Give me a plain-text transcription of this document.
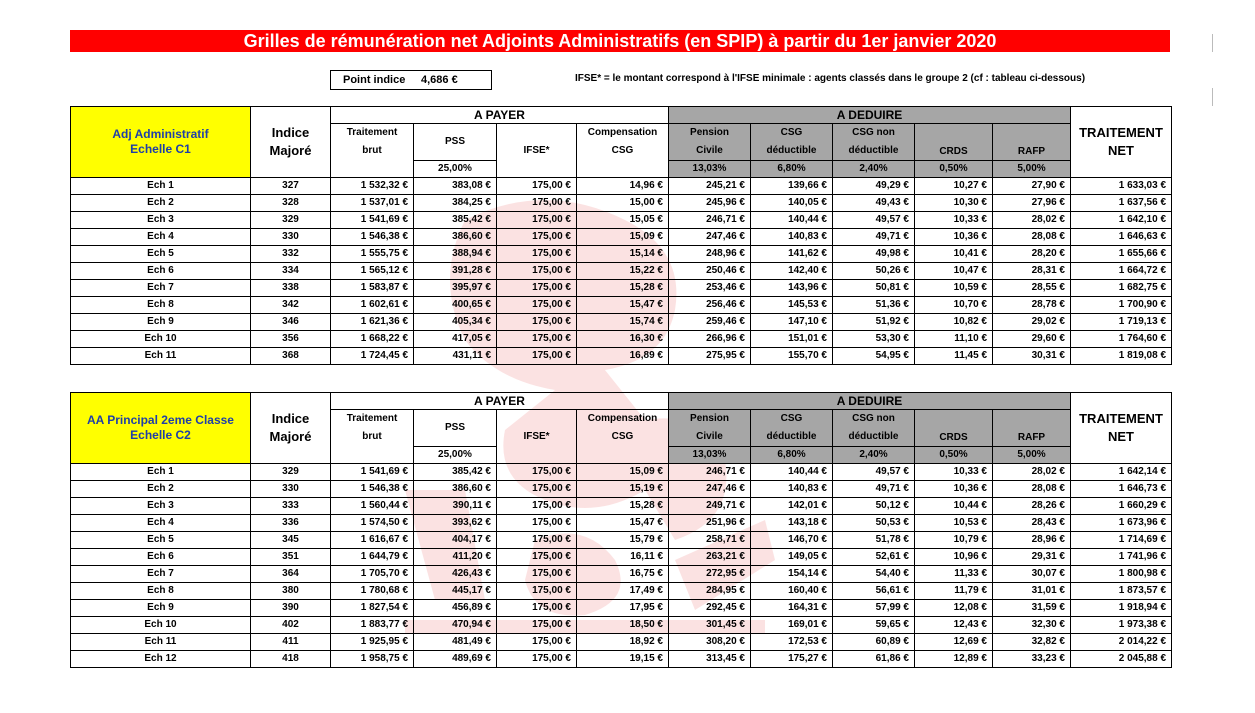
Grilles de rémunération net Adjoints Administratifs (en SPIP) à partir du 1er janvier 2020
Point indice 4,686 €	IFSE* = le montant correspond à l'IFSE minimale : agents classés dans le groupe 2 (cf : tableau ci-dessous)
Adj Administratif
Echelle C1	Indice Majoré	A PAYER				A DEDUIRE					TRAITEMENT NET

		Traitement brut	PSS	IFSE*	Compensation CSG	Pension Civile	CSG déductible	CSG non déductible	CRDS	RAFP	
			25,00%			13,03%	6,80%	2,40%			
									0,50%	5,00%	
Ech 1	327	1 532,32 €	383,08 €	175,00 €	14,96 €	245,21 €	139,66 €	49,29 €	10,27 €	27,90 €	1 633,03 €
Ech 2	328	1 537,01 €	384,25 €	175,00 €	15,00 €	245,96 €	140,05 €	49,43 €	10,30 €	27,96 €	1 637,56 €
Ech 3	329	1 541,69 €	385,42 €	175,00 €	15,05 €	246,71 €	140,44 €	49,57 €	10,33 €	28,02 €	1 642,10 €
Ech 4	330	1 546,38 €	386,60 €	175,00 €	15,09 €	247,46 €	140,83 €	49,71 €	10,36 €	28,08 €	1 646,63 €
Ech 5	332	1 555,75 €	388,94 €	175,00 €	15,14 €	248,96 €	141,62 €	49,98 €	10,41 €	28,20 €	1 655,66 €
Ech 6	334	1 565,12 €	391,28 €	175,00 €	15,22 €	250,46 €	142,40 €	50,26 €	10,47 €	28,31 €	1 664,72 €
Ech 7	338	1 583,87 €	395,97 €	175,00 €	15,28 €	253,46 €	143,96 €	50,81 €	10,59 €	28,55 €	1 682,75 €
Ech 8	342	1 602,61 €	400,65 €	175,00 €	15,47 €	256,46 €	145,53 €	51,36 €	10,70 €	28,78 €	1 700,90 €
Ech 9	346	1 621,36 €	405,34 €	175,00 €	15,74 €	259,46 €	147,10 €	51,92 €	10,82 €	29,02 €	1 719,13 €
Ech 10	356	1 668,22 €	417,05 €	175,00 €	16,30 €	266,96 €	151,01 €	53,30 €	11,10 €	29,60 €	1 764,60 €
Ech 11	368	1 724,45 €	431,11 €	175,00 €	16,89 €	275,95 €	155,70 €	54,95 €	11,45 €	30,31 €	1 819,08 €
AA Principal 2eme Classe
Echelle C2	Indice Majoré	A PAYER				A DEDUIRE					TRAITEMENT NET

		Traitement brut	PSS	IFSE*	Compensation CSG	Pension Civile	CSG déductible	CSG non déductible	CRDS	RAFP	
			25,00%			13,03%	6,80%	2,40%			
									0,50%	5,00%	
Ech 1	329	1 541,69 €	385,42 €	175,00 €	15,09 €	246,71 €	140,44 €	49,57 €	10,33 €	28,02 €	1 642,14 €
Ech 2	330	1 546,38 €	386,60 €	175,00 €	15,19 €	247,46 €	140,83 €	49,71 €	10,36 €	28,08 €	1 646,73 €
Ech 3	333	1 560,44 €	390,11 €	175,00 €	15,28 €	249,71 €	142,01 €	50,12 €	10,44 €	28,26 €	1 660,29 €
Ech 4	336	1 574,50 €	393,62 €	175,00 €	15,47 €	251,96 €	143,18 €	50,53 €	10,53 €	28,43 €	1 673,96 €
Ech 5	345	1 616,67 €	404,17 €	175,00 €	15,79 €	258,71 €	146,70 €	51,78 €	10,79 €	28,96 €	1 714,69 €
Ech 6	351	1 644,79 €	411,20 €	175,00 €	16,11 €	263,21 €	149,05 €	52,61 €	10,96 €	29,31 €	1 741,96 €
Ech 7	364	1 705,70 €	426,43 €	175,00 €	16,75 €	272,95 €	154,14 €	54,40 €	11,33 €	30,07 €	1 800,98 €
Ech 8	380	1 780,68 €	445,17 €	175,00 €	17,49 €	284,95 €	160,40 €	56,61 €	11,79 €	31,01 €	1 873,57 €
Ech 9	390	1 827,54 €	456,89 €	175,00 €	17,95 €	292,45 €	164,31 €	57,99 €	12,08 €	31,59 €	1 918,94 €
Ech 10	402	1 883,77 €	470,94 €	175,00 €	18,50 €	301,45 €	169,01 €	59,65 €	12,43 €	32,30 €	1 973,38 €
Ech 11	411	1 925,95 €	481,49 €	175,00 €	18,92 €	308,20 €	172,53 €	60,89 €	12,69 €	32,82 €	2 014,22 €
Ech 12	418	1 958,75 €	489,69 €	175,00 €	19,15 €	313,45 €	175,27 €	61,86 €	12,89 €	33,23 €	2 045,88 €
